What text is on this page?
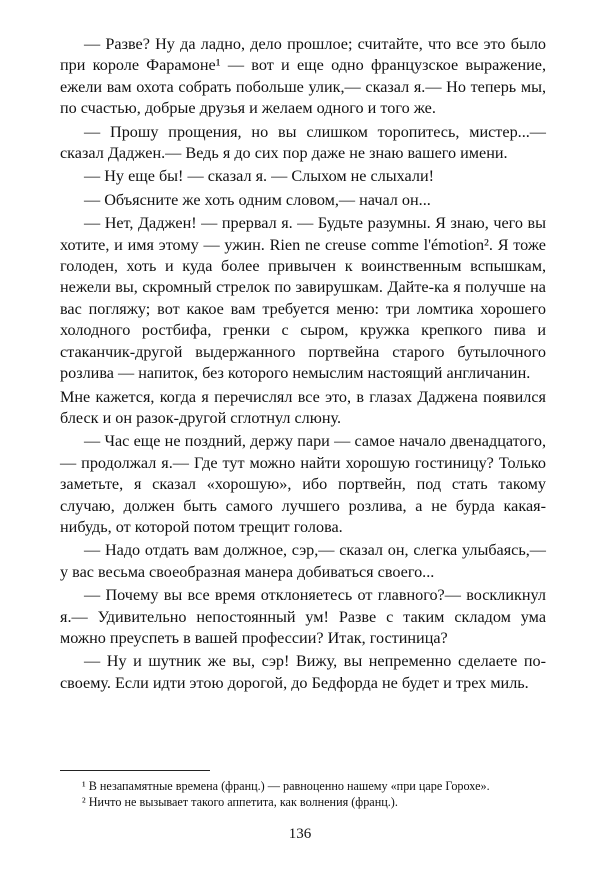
— Разве? Ну да ладно, дело прошлое; считайте, что все это было при короле Фарамоне¹ — вот и еще одно французское выражение, ежели вам охота собрать побольше улик,— сказал я.— Но теперь мы, по счастью, добрые друзья и желаем одного и того же.

— Прошу прощения, но вы слишком торопитесь, мистер...— сказал Даджен.— Ведь я до сих пор даже не знаю вашего имени.

— Ну еще бы! — сказал я. — Слыхом не слыхали!

— Объясните же хоть одним словом,— начал он...

— Нет, Даджен! — прервал я. — Будьте разумны. Я знаю, чего вы хотите, и имя этому — ужин. Rien ne creuse comme l'émotion². Я тоже голоден, хоть и куда более привычен к воинственным вспышкам, нежели вы, скромный стрелок по завирушкам. Дайте-ка я получше на вас погляжу; вот какое вам требуется меню: три ломтика хорошего холодного ростбифа, гренки с сыром, кружка крепкого пива и стаканчик-другой выдержанного портвейна старого бутылочного розлива — напиток, без которого немыслим настоящий англичанин.

Мне кажется, когда я перечислял все это, в глазах Даджена появился блеск и он разок-другой сглотнул слюну.

— Час еще не поздний, держу пари — самое начало двенадцатого,— продолжал я.— Где тут можно найти хорошую гостиницу? Только заметьте, я сказал «хорошую», ибо портвейн, под стать такому случаю, должен быть самого лучшего розлива, а не бурда какая-нибудь, от которой потом трещит голова.

— Надо отдать вам должное, сэр,— сказал он, слегка улыбаясь,— у вас весьма своеобразная манера добиваться своего...

— Почему вы все время отклоняетесь от главного?— воскликнул я.— Удивительно непостоянный ум! Разве с таким складом ума можно преуспеть в вашей профессии? Итак, гостиница?

— Ну и шутник же вы, сэр! Вижу, вы непременно сделаете по-своему. Если идти этою дорогой, до Бедфорда не будет и трех миль.

¹ В незапамятные времена (франц.) — равноценно нашему «при царе Горохе».

² Ничто не вызывает такого аппетита, как волнения (франц.).

136
